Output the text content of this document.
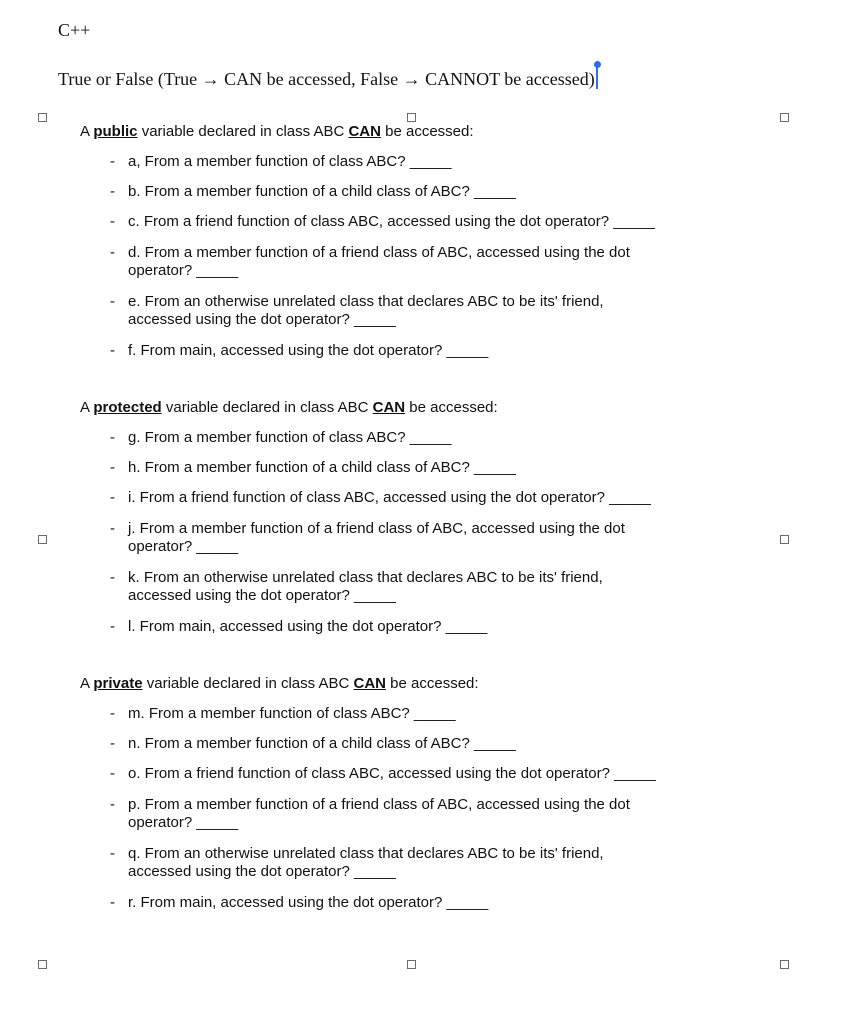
C++
True or False (True → CAN be accessed, False → CANNOT be accessed)
A public variable declared in class ABC CAN be accessed:
- a, From a member function of class ABC? _____
- b. From a member function of a child class of ABC? _____
- c. From a friend function of class ABC, accessed using the dot operator? _____
- d. From a member function of a friend class of ABC, accessed using the dot
operator? _____
- e. From an otherwise unrelated class that declares ABC to be its' friend,
accessed using the dot operator? _____
- f. From main, accessed using the dot operator? _____
A protected variable declared in class ABC CAN be accessed:
- g. From a member function of class ABC? _____
- h. From a member function of a child class of ABC? _____
- i. From a friend function of class ABC, accessed using the dot operator? _____
- j. From a member function of a friend class of ABC, accessed using the dot
operator? _____
- k. From an otherwise unrelated class that declares ABC to be its' friend,
accessed using the dot operator? _____
- l. From main, accessed using the dot operator? _____
A private variable declared in class ABC CAN be accessed:
- m. From a member function of class ABC? _____
- n. From a member function of a child class of ABC? _____
- o. From a friend function of class ABC, accessed using the dot operator? _____
- p. From a member function of a friend class of ABC, accessed using the dot
operator? _____
- q. From an otherwise unrelated class that declares ABC to be its' friend,
accessed using the dot operator? _____
- r. From main, accessed using the dot operator? _____
